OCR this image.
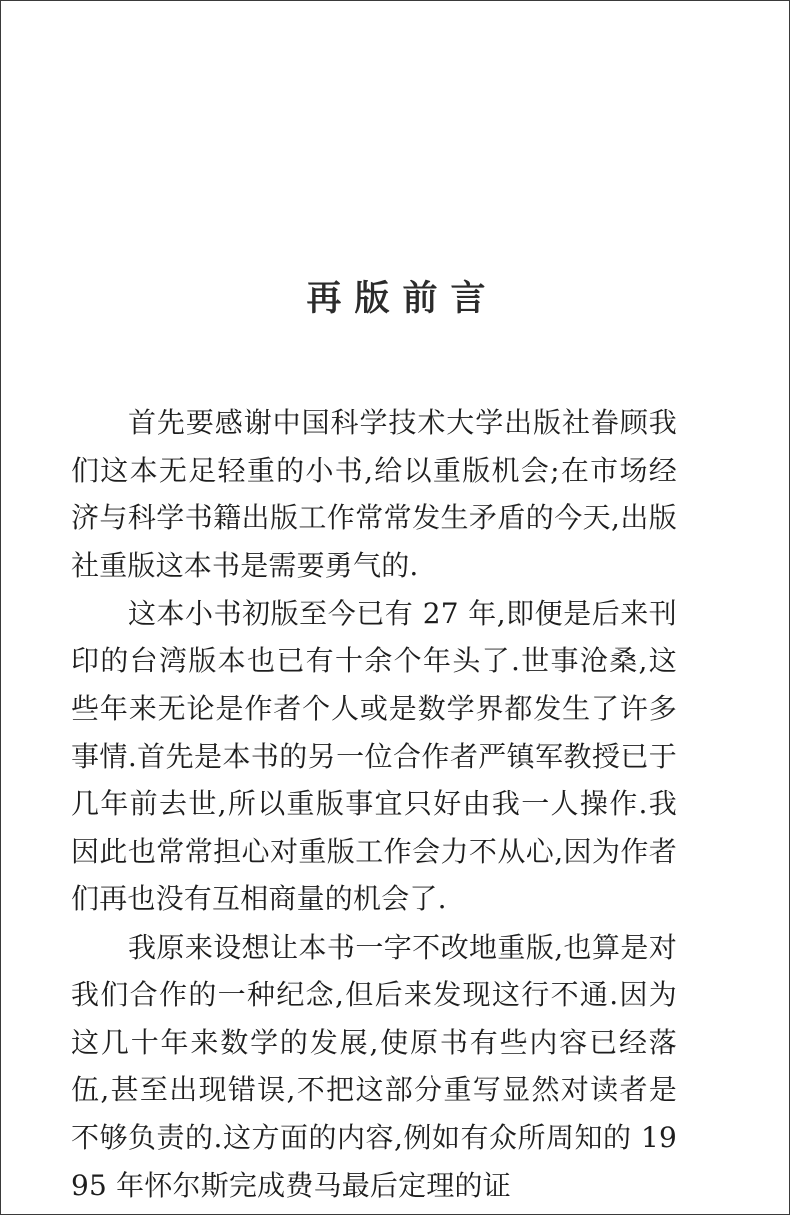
再版前言

首先要感谢中国科学技术大学出版社眷顾我们这本无足轻重的小书,给以重版机会;在市场经济与科学书籍出版工作常常发生矛盾的今天,出版社重版这本书是需要勇气的.

这本小书初版至今已有 27 年,即便是后来刊印的台湾版本也已有十余个年头了.世事沧桑,这些年来无论是作者个人或是数学界都发生了许多事情.首先是本书的另一位合作者严镇军教授已于几年前去世,所以重版事宜只好由我一人操作.我因此也常常担心对重版工作会力不从心,因为作者们再也没有互相商量的机会了.

我原来设想让本书一字不改地重版,也算是对我们合作的一种纪念,但后来发现这行不通.因为这几十年来数学的发展,使原书有些内容已经落伍,甚至出现错误,不把这部分重写显然对读者是不够负责的.这方面的内容,例如有众所周知的 1995 年怀尔斯完成费马最后定理的证
